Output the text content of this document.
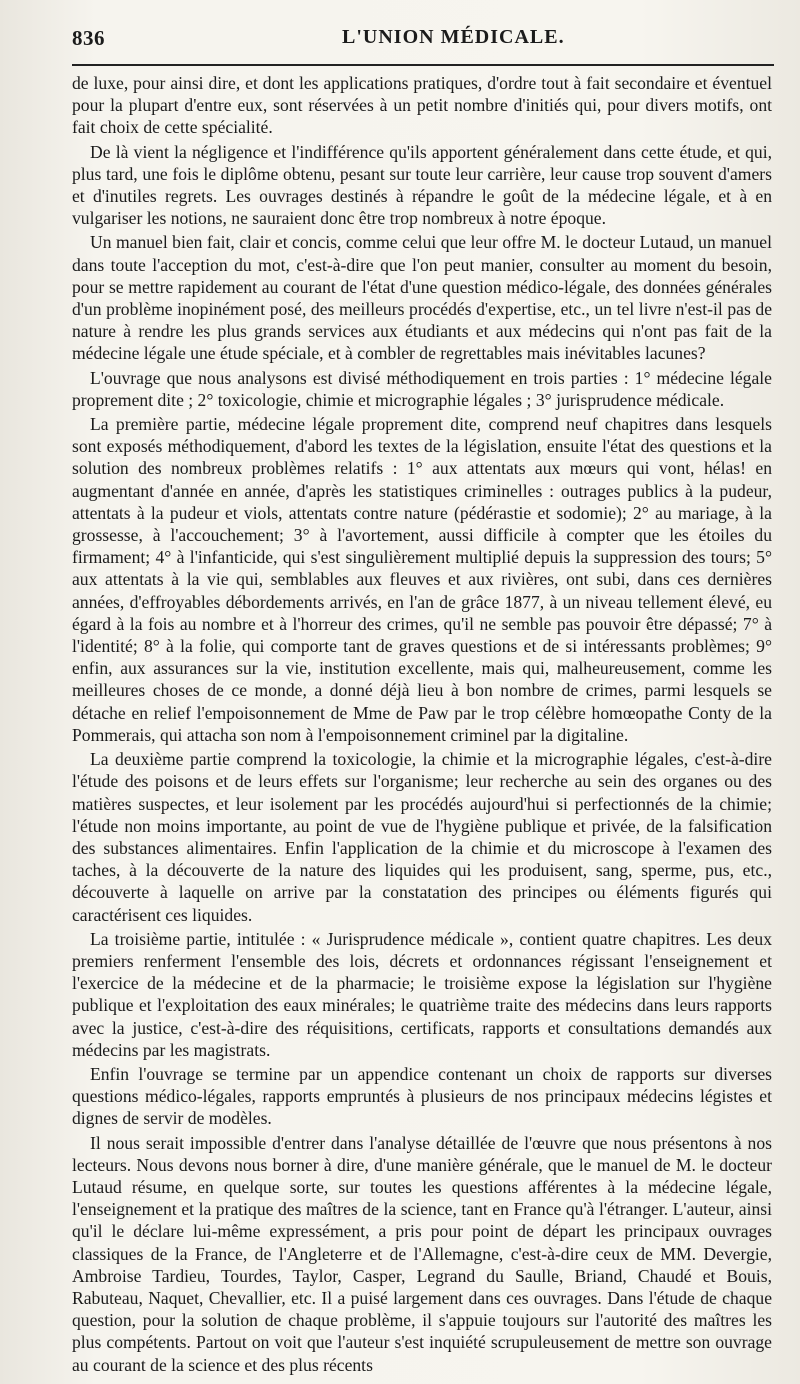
836	L'UNION MÉDICALE.

de luxe, pour ainsi dire, et dont les applications pratiques, d'ordre tout à fait secondaire et éventuel pour la plupart d'entre eux, sont réservées à un petit nombre d'initiés qui, pour divers motifs, ont fait choix de cette spécialité.

De là vient la négligence et l'indifférence qu'ils apportent généralement dans cette étude, et qui, plus tard, une fois le diplôme obtenu, pesant sur toute leur carrière, leur cause trop souvent d'amers et d'inutiles regrets. Les ouvrages destinés à répandre le goût de la médecine légale, et à en vulgariser les notions, ne sauraient donc être trop nombreux à notre époque.

Un manuel bien fait, clair et concis, comme celui que leur offre M. le docteur Lutaud, un manuel dans toute l'acception du mot, c'est-à-dire que l'on peut manier, consulter au moment du besoin, pour se mettre rapidement au courant de l'état d'une question médico-légale, des données générales d'un problème inopinément posé, des meilleurs procédés d'expertise, etc., un tel livre n'est-il pas de nature à rendre les plus grands services aux étudiants et aux médecins qui n'ont pas fait de la médecine légale une étude spéciale, et à combler de regrettables mais inévitables lacunes?

L'ouvrage que nous analysons est divisé méthodiquement en trois parties : 1° médecine légale proprement dite ; 2° toxicologie, chimie et micrographie légales ; 3° jurisprudence médicale.

La première partie, médecine légale proprement dite, comprend neuf chapitres dans lesquels sont exposés méthodiquement, d'abord les textes de la législation, ensuite l'état des questions et la solution des nombreux problèmes relatifs : 1° aux attentats aux mœurs qui vont, hélas! en augmentant d'année en année, d'après les statistiques criminelles : outrages publics à la pudeur, attentats à la pudeur et viols, attentats contre nature (pédérastie et sodomie); 2° au mariage, à la grossesse, à l'accouchement; 3° à l'avortement, aussi difficile à compter que les étoiles du firmament; 4° à l'infanticide, qui s'est singulièrement multiplié depuis la suppression des tours; 5° aux attentats à la vie qui, semblables aux fleuves et aux rivières, ont subi, dans ces dernières années, d'effroyables débordements arrivés, en l'an de grâce 1877, à un niveau tellement élevé, eu égard à la fois au nombre et à l'horreur des crimes, qu'il ne semble pas pouvoir être dépassé; 7° à l'identité; 8° à la folie, qui comporte tant de graves questions et de si intéressants problèmes; 9° enfin, aux assurances sur la vie, institution excellente, mais qui, malheureusement, comme les meilleures choses de ce monde, a donné déjà lieu à bon nombre de crimes, parmi lesquels se détache en relief l'empoisonnement de Mme de Paw par le trop célèbre homœopathe Conty de la Pommerais, qui attacha son nom à l'empoisonnement criminel par la digitaline.

La deuxième partie comprend la toxicologie, la chimie et la micrographie légales, c'est-à-dire l'étude des poisons et de leurs effets sur l'organisme; leur recherche au sein des organes ou des matières suspectes, et leur isolement par les procédés aujourd'hui si perfectionnés de la chimie; l'étude non moins importante, au point de vue de l'hygiène publique et privée, de la falsification des substances alimentaires. Enfin l'application de la chimie et du microscope à l'examen des taches, à la découverte de la nature des liquides qui les produisent, sang, sperme, pus, etc., découverte à laquelle on arrive par la constatation des principes ou éléments figurés qui caractérisent ces liquides.

La troisième partie, intitulée : « Jurisprudence médicale », contient quatre chapitres. Les deux premiers renferment l'ensemble des lois, décrets et ordonnances régissant l'enseignement et l'exercice de la médecine et de la pharmacie; le troisième expose la législation sur l'hygiène publique et l'exploitation des eaux minérales; le quatrième traite des médecins dans leurs rapports avec la justice, c'est-à-dire des réquisitions, certificats, rapports et consultations demandés aux médecins par les magistrats.

Enfin l'ouvrage se termine par un appendice contenant un choix de rapports sur diverses questions médico-légales, rapports empruntés à plusieurs de nos principaux médecins légistes et dignes de servir de modèles.

Il nous serait impossible d'entrer dans l'analyse détaillée de l'œuvre que nous présentons à nos lecteurs. Nous devons nous borner à dire, d'une manière générale, que le manuel de M. le docteur Lutaud résume, en quelque sorte, sur toutes les questions afférentes à la médecine légale, l'enseignement et la pratique des maîtres de la science, tant en France qu'à l'étranger. L'auteur, ainsi qu'il le déclare lui-même expressément, a pris pour point de départ les principaux ouvrages classiques de la France, de l'Angleterre et de l'Allemagne, c'est-à-dire ceux de MM. Devergie, Ambroise Tardieu, Tourdes, Taylor, Casper, Legrand du Saulle, Briand, Chaudé et Bouis, Rabuteau, Naquet, Chevallier, etc. Il a puisé largement dans ces ouvrages. Dans l'étude de chaque question, pour la solution de chaque problème, il s'appuie toujours sur l'autorité des maîtres les plus compétents. Partout on voit que l'auteur s'est inquiété scrupuleusement de mettre son ouvrage au courant de la science et des plus récents
